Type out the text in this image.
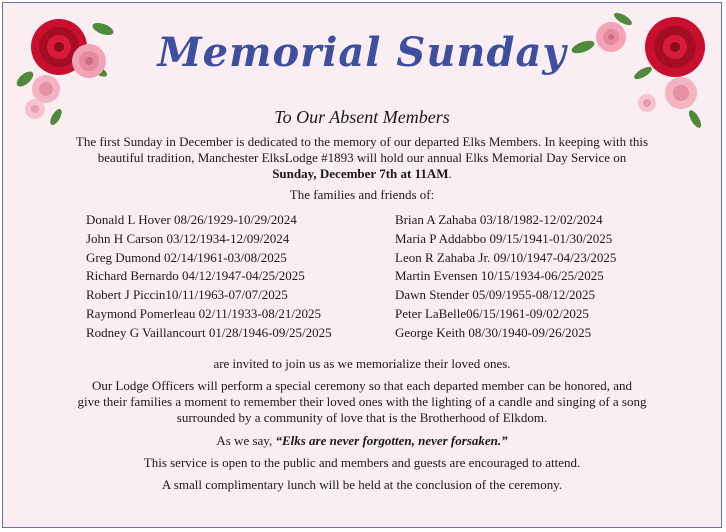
Memorial Sunday
To Our Absent Members
The first Sunday in December is dedicated to the memory of our departed Elks Members. In keeping with this
beautiful tradition, Manchester ElksLodge #1893 will hold our annual Elks Memorial Day Service on
Sunday, December 7th at 11AM.
The families and friends of:
Donald L Hover 08/26/1929-10/29/2024
John H Carson 03/12/1934-12/09/2024
Greg Dumond 02/14/1961-03/08/2025
Richard Bernardo 04/12/1947-04/25/2025
Robert J Piccin10/11/1963-07/07/2025
Raymond Pomerleau 02/11/1933-08/21/2025
Rodney G Vaillancourt 01/28/1946-09/25/2025
Brian A Zahaba 03/18/1982-12/02/2024
Maria P Addabbo 09/15/1941-01/30/2025
Leon R Zahaba Jr. 09/10/1947-04/23/2025
Martin Evensen 10/15/1934-06/25/2025
Dawn Stender 05/09/1955-08/12/2025
Peter LaBelle06/15/1961-09/02/2025
George Keith 08/30/1940-09/26/2025
are invited to join us as we memorialize their loved ones.
Our Lodge Officers will perform a special ceremony so that each departed member can be honored, and
give their families a moment to remember their loved ones with the lighting of a candle and singing of a song
surrounded by a community of love that is the Brotherhood of Elkdom.
As we say, “Elks are never forgotten, never forsaken.”
This service is open to the public and members and guests are encouraged to attend.
A small complimentary lunch will be held at the conclusion of the ceremony.
